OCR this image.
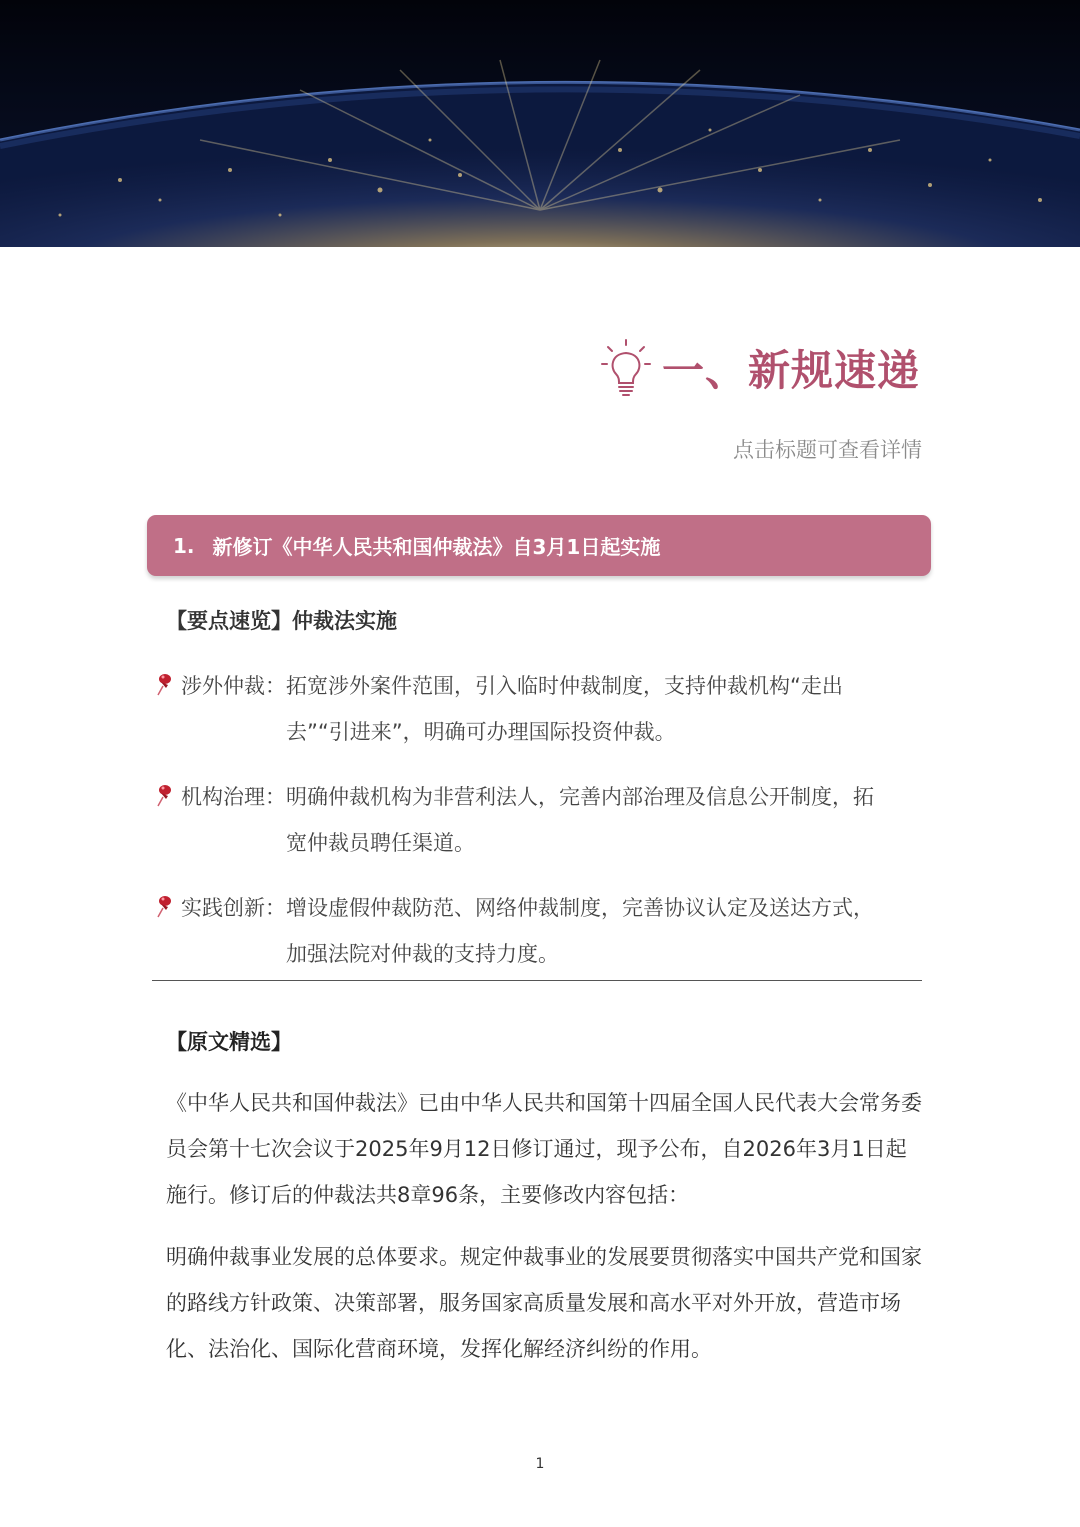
一、新规速递
点击标题可查看详情
1. 新修订《中华人民共和国仲裁法》自3月1日起实施
【要点速览】仲裁法实施
涉外仲裁：拓宽涉外案件范围，引入临时仲裁制度，支持仲裁机构“走出
去”“引进来”，明确可办理国际投资仲裁。
机构治理：明确仲裁机构为非营利法人，完善内部治理及信息公开制度，拓
宽仲裁员聘任渠道。
实践创新：增设虚假仲裁防范、网络仲裁制度，完善协议认定及送达方式，
加强法院对仲裁的支持力度。
【原文精选】
《中华人民共和国仲裁法》已由中华人民共和国第十四届全国人民代表大会常务委员会第十七次会议于2025年9月12日修订通过，现予公布，自2026年3月1日起施行。修订后的仲裁法共8章96条，主要修改内容包括：
明确仲裁事业发展的总体要求。规定仲裁事业的发展要贯彻落实中国共产党和国家的路线方针政策、决策部署，服务国家高质量发展和高水平对外开放，营造市场化、法治化、国际化营商环境，发挥化解经济纠纷的作用。
1
